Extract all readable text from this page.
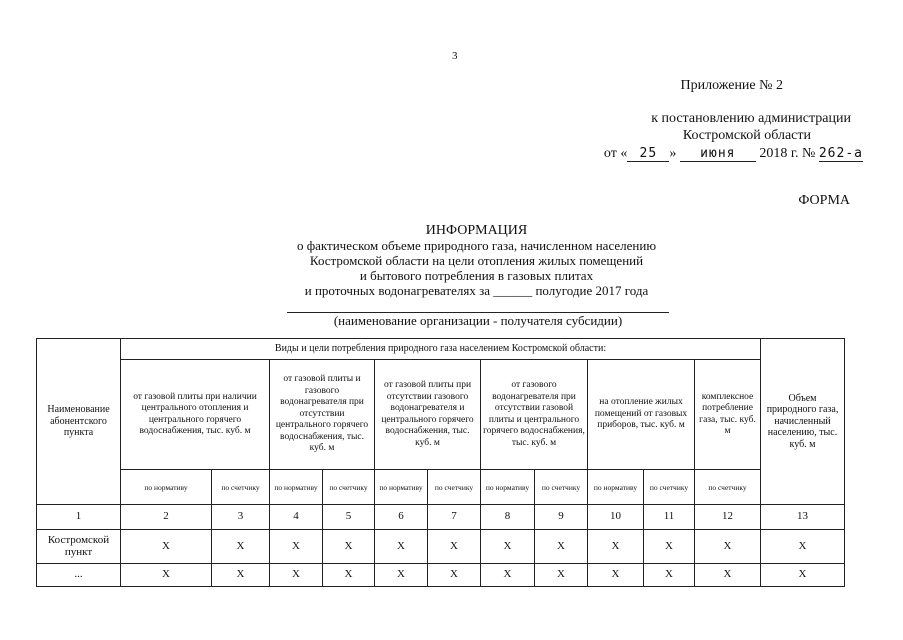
3
Приложение № 2
к постановлению администрации
Костромской области
от « 25 » июня 2018 г. № 262-а
ФОРМА
ИНФОРМАЦИЯ
о фактическом объеме природного газа, начисленном населению
Костромской области на цели отопления жилых помещений
и бытового потребления в газовых плитах
и проточных водонагревателях за ______ полугодие 2017 года
(наименование организации - получателя субсидии)
Наименование абонентского пункта	Виды и цели потребления природного газа населением Костромской области:											Объем природного газа, начисленный населению, тыс. куб. м
	от газовой плиты при наличии центрального отопления и центрального горячего водоснабжения, тыс. куб. м		от газовой плиты и газового водонагревателя при отсутствии центрального горячего водоснабжения, тыс. куб. м		от газовой плиты при отсутствии газового водонагревателя и центрального горячего водоснабжения, тыс. куб. м		от газового водонагревателя при отсутствии газовой плиты и центрального горячего водоснабжения, тыс. куб. м		на отопление жилых помещений от газовых приборов, тыс. куб. м		комплексное потребление газа, тыс. куб. м	
	по нормативу	по счетчику	по нормативу	по счетчику	по нормативу	по счетчику	по нормативу	по счетчику	по нормативу	по счетчику	по счетчику	
1	2	3	4	5	6	7	8	9	10	11	12	13
Костромской пункт	Х	Х	Х	Х	Х	Х	Х	Х	Х	Х	Х	Х
...	Х	Х	Х	Х	Х	Х	Х	Х	Х	Х	Х	Х
